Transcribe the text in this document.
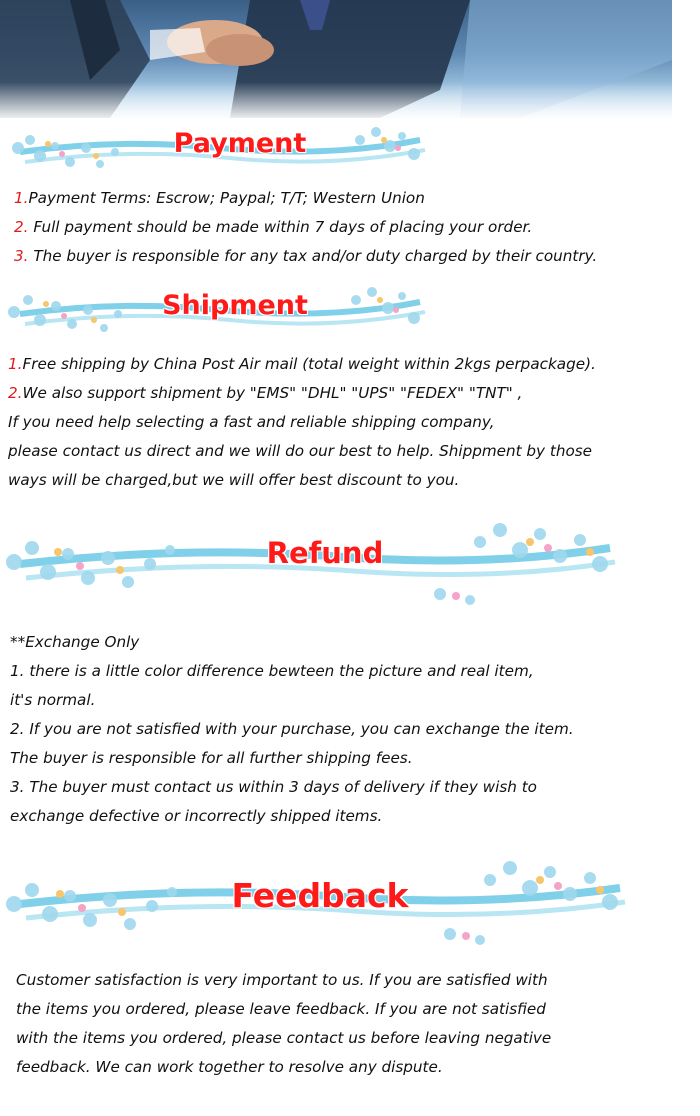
Payment
1.Payment Terms: Escrow; Paypal; T/T; Western Union
2. Full payment should be made within 7 days of placing your order.
3. The buyer is responsible for any tax and/or duty charged by their country.
Shipment
1.Free shipping by China Post Air mail (total weight within 2kgs perpackage).
2.We also support shipment by "EMS" "DHL" "UPS" "FEDEX" "TNT" ,
If you need help selecting a fast and reliable shipping company,
please contact us direct and we will do our best to help. Shippment by those
ways will be charged,but we will offer best discount to you.
Refund
**Exchange Only
1. there is a little color difference bewteen the picture and real item,
it's normal.
2. If you are not satisfied with your purchase, you can exchange the item.
The buyer is responsible for all further shipping fees.
3. The buyer must contact us within 3 days of delivery if they wish to
exchange defective or incorrectly shipped items.
Feedback
Customer satisfaction is very important to us. If you are satisfied with
the items you ordered, please leave feedback. If you are not satisfied
with the items you ordered, please contact us before leaving negative
feedback. We can work together to resolve any dispute.
